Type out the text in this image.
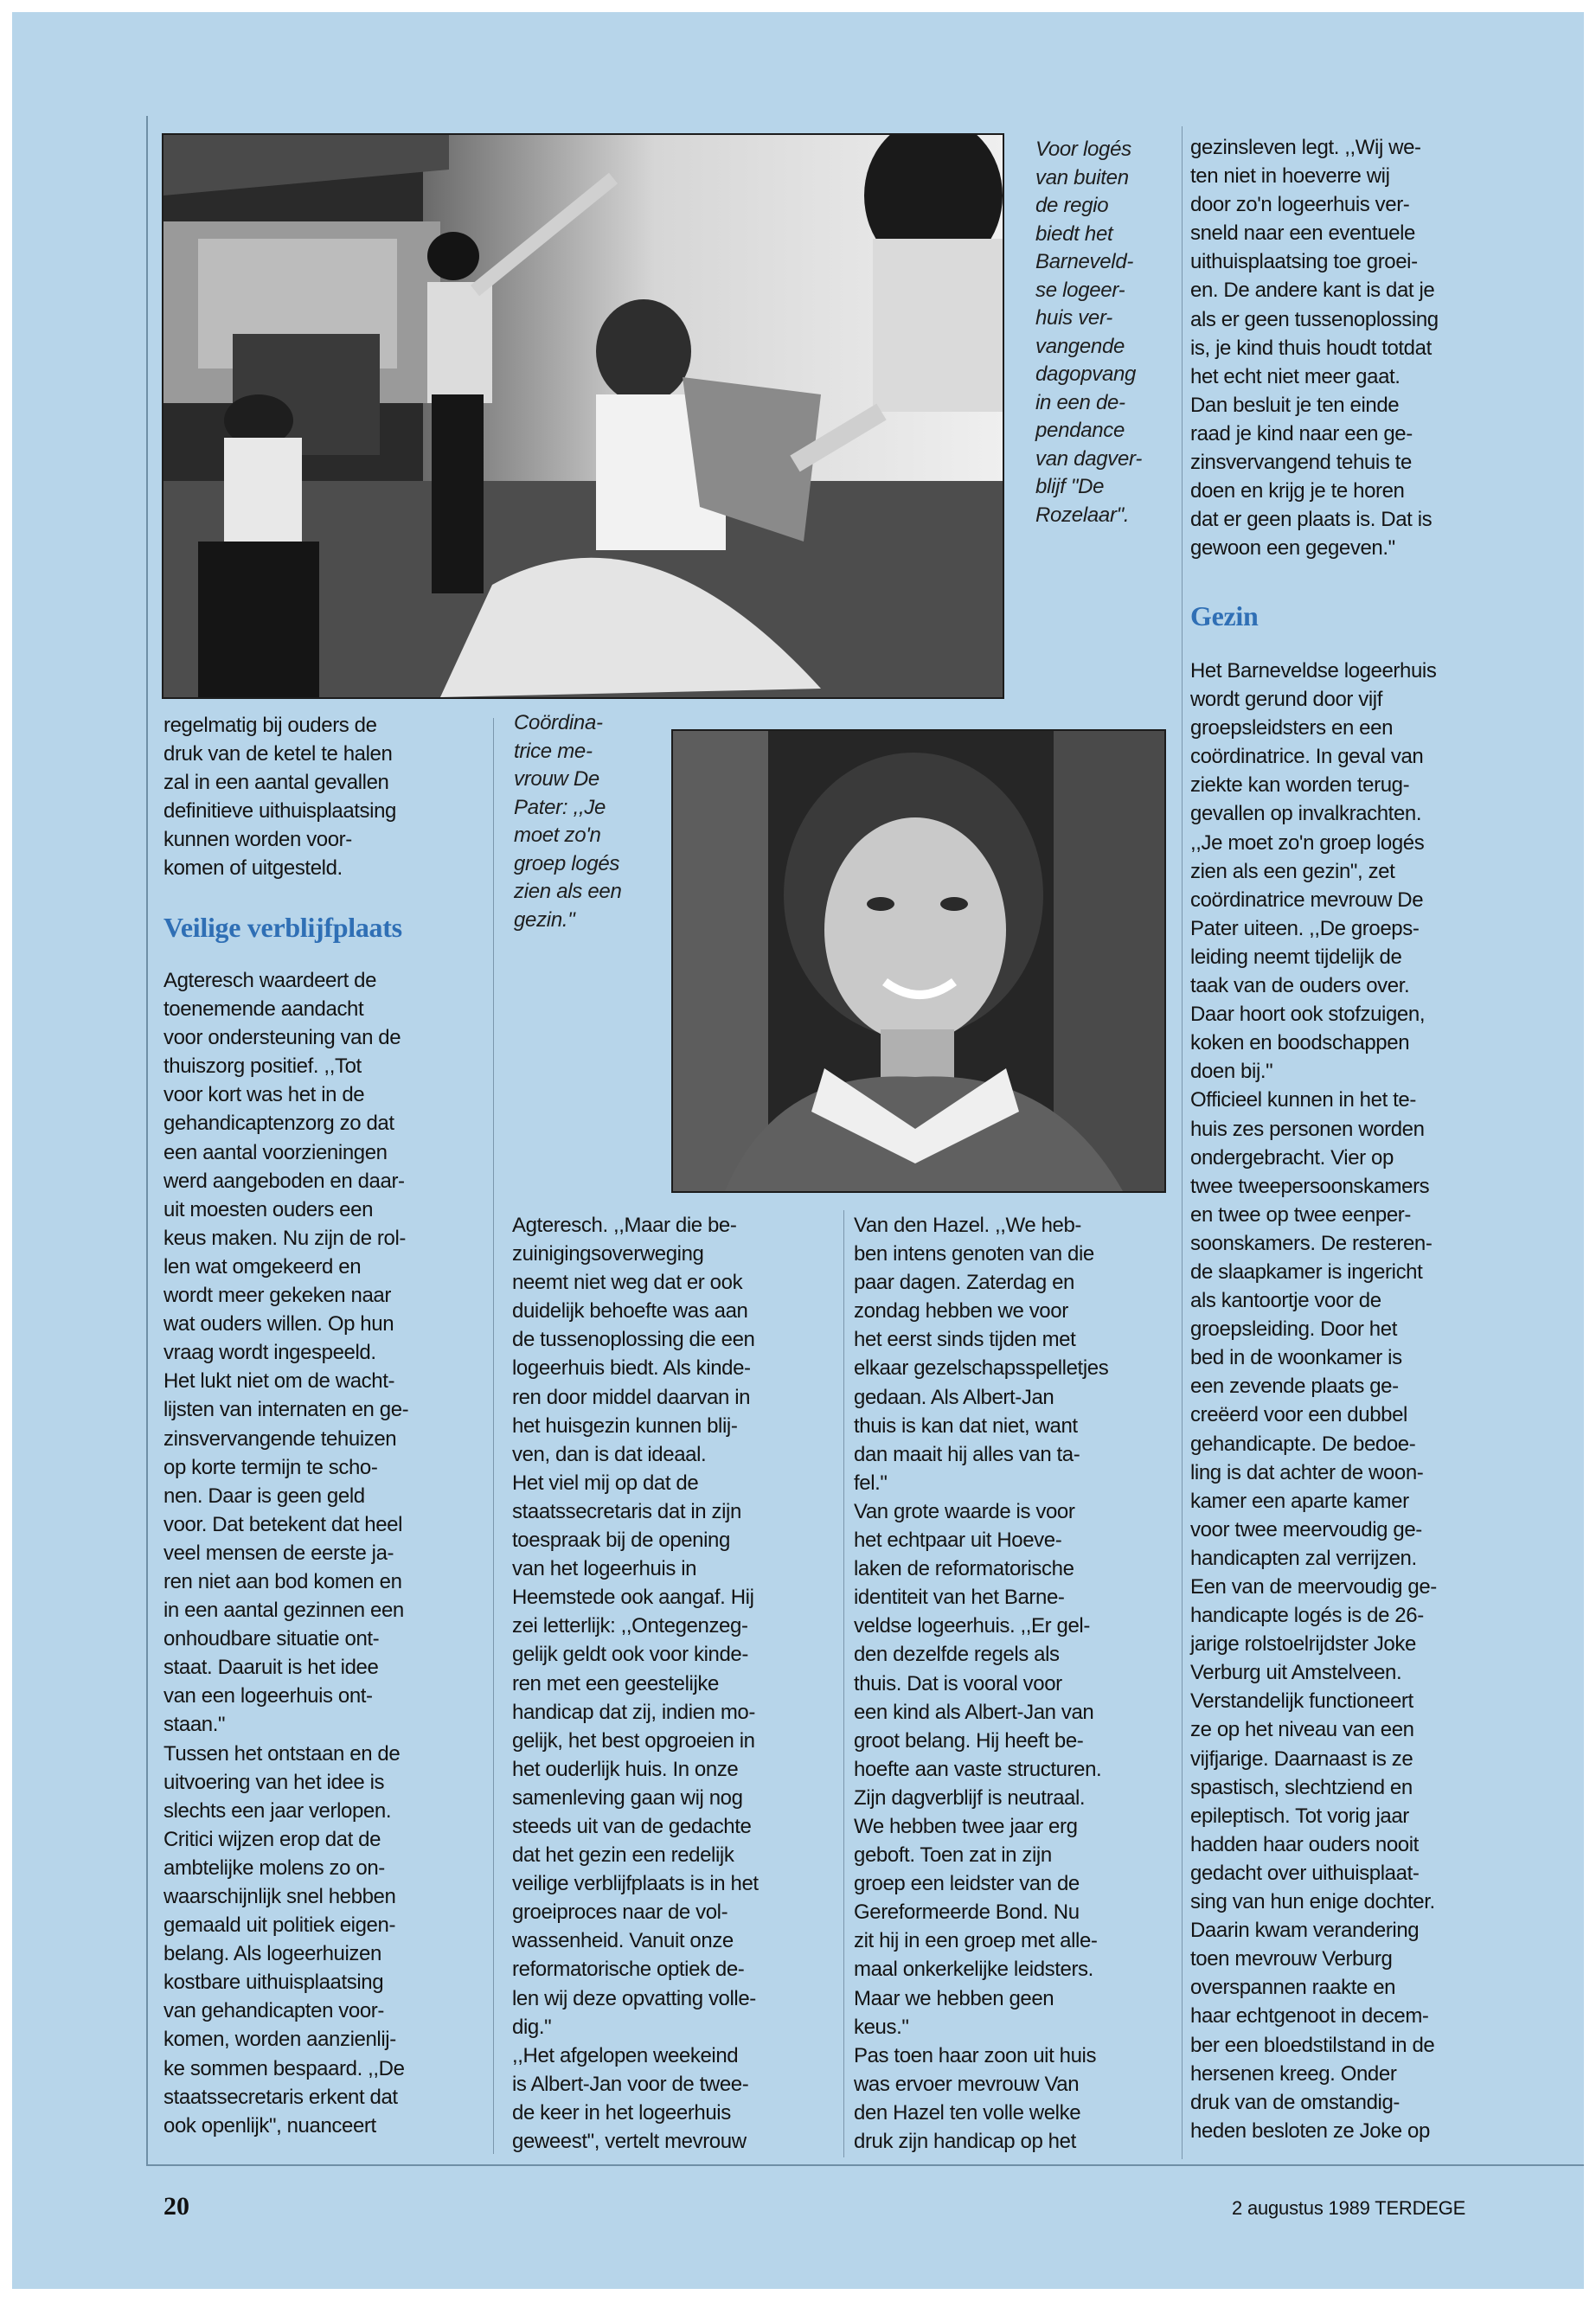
Voor logés

van buiten

de regio

biedt het

Barneveld-

se logeer-

huis ver-

vangende

dagopvang

in een de-

pendance

van dagver-

blijf "De

Rozelaar".

Coördina-

trice me-

vrouw De

Pater: ,,Je

moet zo'n

groep logés

zien als een

gezin."

regelmatig bij ouders de

druk van de ketel te halen

zal in een aantal gevallen

definitieve uithuisplaatsing

kunnen worden voor-

komen of uitgesteld.

Veilige verblijfplaats

Agteresch waardeert de

toenemende aandacht

voor ondersteuning van de

thuiszorg positief. ,,Tot

voor kort was het in de

gehandicaptenzorg zo dat

een aantal voorzieningen

werd aangeboden en daar-

uit moesten ouders een

keus maken. Nu zijn de rol-

len wat omgekeerd en

wordt meer gekeken naar

wat ouders willen. Op hun

vraag wordt ingespeeld.

Het lukt niet om de wacht-

lijsten van internaten en ge-

zinsvervangende tehuizen

op korte termijn te scho-

nen. Daar is geen geld

voor. Dat betekent dat heel

veel mensen de eerste ja-

ren niet aan bod komen en

in een aantal gezinnen een

onhoudbare situatie ont-

staat. Daaruit is het idee

van een logeerhuis ont-

staan."

Tussen het ontstaan en de

uitvoering van het idee is

slechts een jaar verlopen.

Critici wijzen erop dat de

ambtelijke molens zo on-

waarschijnlijk snel hebben

gemaald uit politiek eigen-

belang. Als logeerhuizen

kostbare uithuisplaatsing

van gehandicapten voor-

komen, worden aanzienlij-

ke sommen bespaard. ,,De

staatssecretaris erkent dat

ook openlijk", nuanceert

Agteresch. ,,Maar die be-

zuinigingsoverweging

neemt niet weg dat er ook

duidelijk behoefte was aan

de tussenoplossing die een

logeerhuis biedt. Als kinde-

ren door middel daarvan in

het huisgezin kunnen blij-

ven, dan is dat ideaal.

Het viel mij op dat de

staatssecretaris dat in zijn

toespraak bij de opening

van het logeerhuis in

Heemstede ook aangaf. Hij

zei letterlijk: ,,Ontegenzeg-

gelijk geldt ook voor kinde-

ren met een geestelijke

handicap dat zij, indien mo-

gelijk, het best opgroeien in

het ouderlijk huis. In onze

samenleving gaan wij nog

steeds uit van de gedachte

dat het gezin een redelijk

veilige verblijfplaats is in het

groeiproces naar de vol-

wassenheid. Vanuit onze

reformatorische optiek de-

len wij deze opvatting volle-

dig."

,,Het afgelopen weekeind

is Albert-Jan voor de twee-

de keer in het logeerhuis

geweest", vertelt mevrouw

Van den Hazel. ,,We heb-

ben intens genoten van die

paar dagen. Zaterdag en

zondag hebben we voor

het eerst sinds tijden met

elkaar gezelschapsspelletjes

gedaan. Als Albert-Jan

thuis is kan dat niet, want

dan maait hij alles van ta-

fel."

Van grote waarde is voor

het echtpaar uit Hoeve-

laken de reformatorische

identiteit van het Barne-

veldse logeerhuis. ,,Er gel-

den dezelfde regels als

thuis. Dat is vooral voor

een kind als Albert-Jan van

groot belang. Hij heeft be-

hoefte aan vaste structuren.

Zijn dagverblijf is neutraal.

We hebben twee jaar erg

geboft. Toen zat in zijn

groep een leidster van de

Gereformeerde Bond. Nu

zit hij in een groep met alle-

maal onkerkelijke leidsters.

Maar we hebben geen

keus."

Pas toen haar zoon uit huis

was ervoer mevrouw Van

den Hazel ten volle welke

druk zijn handicap op het

gezinsleven legt. ,,Wij we-

ten niet in hoeverre wij

door zo'n logeerhuis ver-

sneld naar een eventuele

uithuisplaatsing toe groei-

en. De andere kant is dat je

als er geen tussenoplossing

is, je kind thuis houdt totdat

het echt niet meer gaat.

Dan besluit je ten einde

raad je kind naar een ge-

zinsvervangend tehuis te

doen en krijg je te horen

dat er geen plaats is. Dat is

gewoon een gegeven."

Gezin

Het Barneveldse logeerhuis

wordt gerund door vijf

groepsleidsters en een

coördinatrice. In geval van

ziekte kan worden terug-

gevallen op invalkrachten.

,,Je moet zo'n groep logés

zien als een gezin", zet

coördinatrice mevrouw De

Pater uiteen. ,,De groeps-

leiding neemt tijdelijk de

taak van de ouders over.

Daar hoort ook stofzuigen,

koken en boodschappen

doen bij."

Officieel kunnen in het te-

huis zes personen worden

ondergebracht. Vier op

twee tweepersoonskamers

en twee op twee eenper-

soonskamers. De resteren-

de slaapkamer is ingericht

als kantoortje voor de

groepsleiding. Door het

bed in de woonkamer is

een zevende plaats ge-

creëerd voor een dubbel

gehandicapte. De bedoe-

ling is dat achter de woon-

kamer een aparte kamer

voor twee meervoudig ge-

handicapten zal verrijzen.

Een van de meervoudig ge-

handicapte logés is de 26-

jarige rolstoelrijdster Joke

Verburg uit Amstelveen.

Verstandelijk functioneert

ze op het niveau van een

vijfjarige. Daarnaast is ze

spastisch, slechtziend en

epileptisch. Tot vorig jaar

hadden haar ouders nooit

gedacht over uithuisplaat-

sing van hun enige dochter.

Daarin kwam verandering

toen mevrouw Verburg

overspannen raakte en

haar echtgenoot in decem-

ber een bloedstilstand in de

hersenen kreeg. Onder

druk van de omstandig-

heden besloten ze Joke op

20	2 augustus 1989 TERDEGE
